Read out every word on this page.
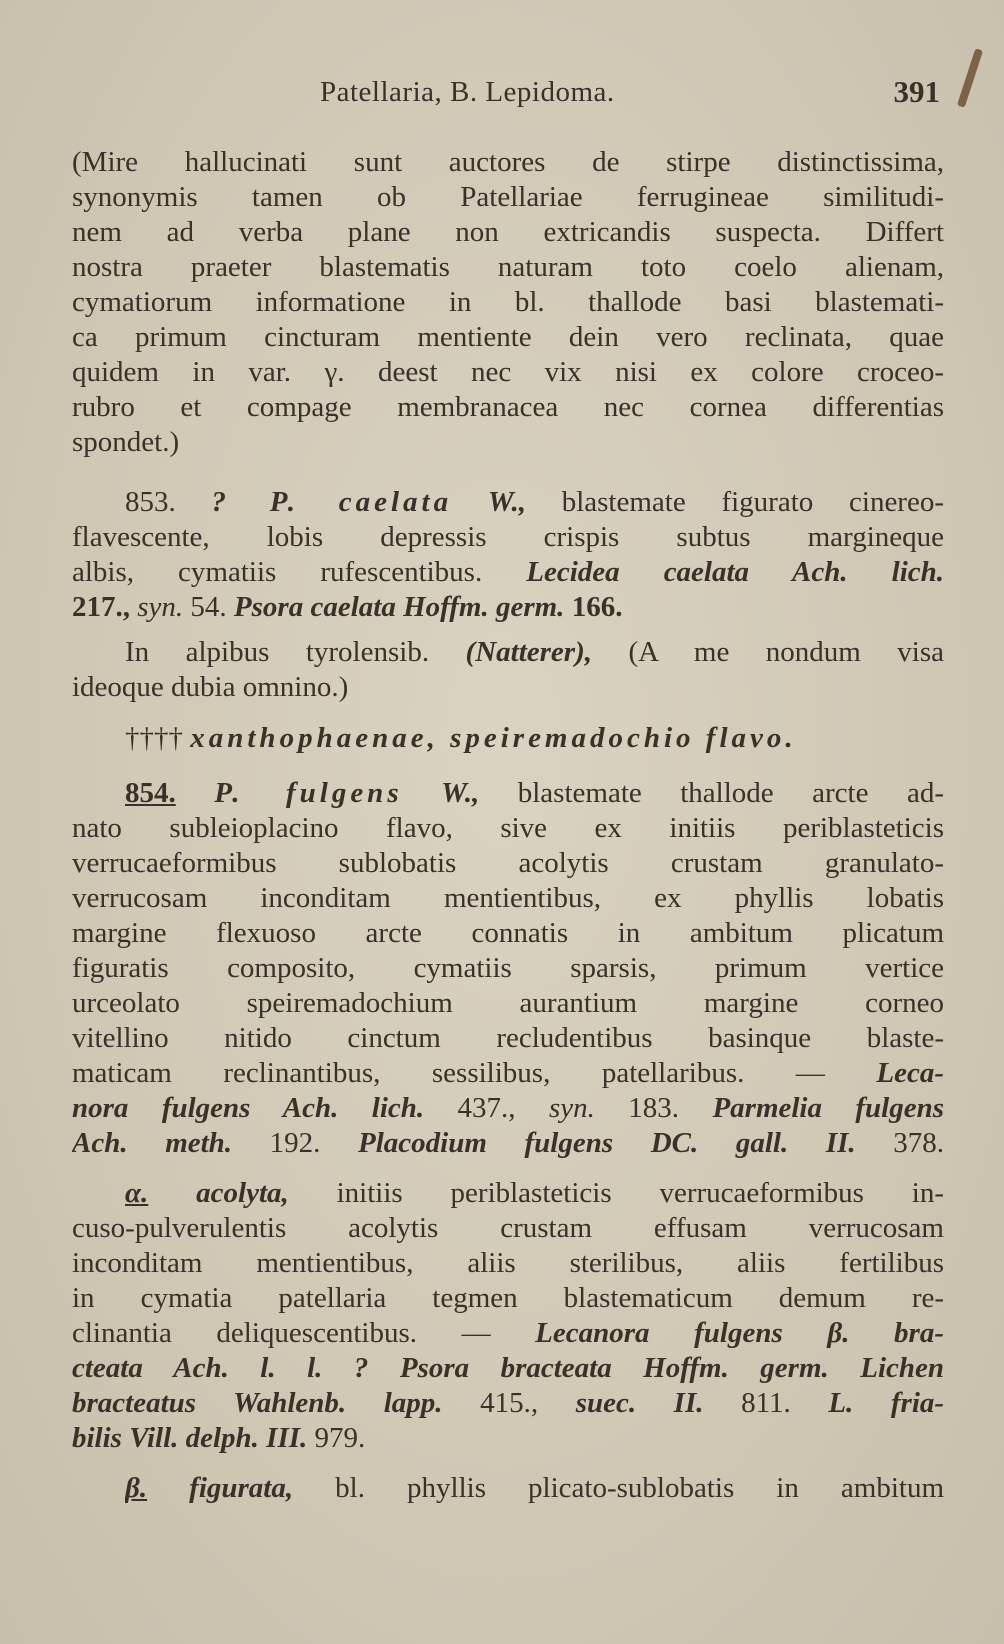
Patellaria, B. Lepidoma.	391
(Mire hallucinati sunt auctores de stirpe distinctissima,
synonymis tamen ob Patellariae ferrugineae similitudi-
nem ad verba plane non extricandis suspecta. Differt
nostra praeter blastematis naturam toto coelo alienam,
cymatiorum informatione in bl. thallode basi blastemati-
ca primum cincturam mentiente dein vero reclinata, quae
quidem in var. γ. deest nec vix nisi ex colore croceo-
rubro et compage membranacea nec cornea differentias
spondet.)
853. ? P. caelata W., blastemate figurato cinereo-
flavescente, lobis depressis crispis subtus margineque
albis, cymatiis rufescentibus. Lecidea caelata Ach. lich.
217., syn. 54. Psora caelata Hoffm. germ. 166.
In alpibus tyrolensib. (Natterer), (A me nondum visa
ideoque dubia omnino.)
†††† xanthophaenae, speiremadochio flavo.
854. P. fulgens W., blastemate thallode arcte ad-
nato subleioplacino flavo, sive ex initiis periblasteticis
verrucaeformibus sublobatis acolytis crustam granulato-
verrucosam inconditam mentientibus, ex phyllis lobatis
margine flexuoso arcte connatis in ambitum plicatum
figuratis composito, cymatiis sparsis, primum vertice
urceolato speiremadochium aurantium margine corneo
vitellino nitido cinctum recludentibus basinque blaste-
maticam reclinantibus, sessilibus, patellaribus. — Leca-
nora fulgens Ach. lich. 437., syn. 183. Parmelia fulgens
Ach. meth. 192. Placodium fulgens DC. gall. II. 378.
α. acolyta, initiis periblasteticis verrucaeformibus in-
cuso-pulverulentis acolytis crustam effusam verrucosam
inconditam mentientibus, aliis sterilibus, aliis fertilibus
in cymatia patellaria tegmen blastematicum demum re-
clinantia deliquescentibus. — Lecanora fulgens β. bra-
cteata Ach. l. l. ? Psora bracteata Hoffm. germ. Lichen
bracteatus Wahlenb. lapp. 415., suec. II. 811. L. fria-
bilis Vill. delph. III. 979.
β. figurata, bl. phyllis plicato-sublobatis in ambitum
